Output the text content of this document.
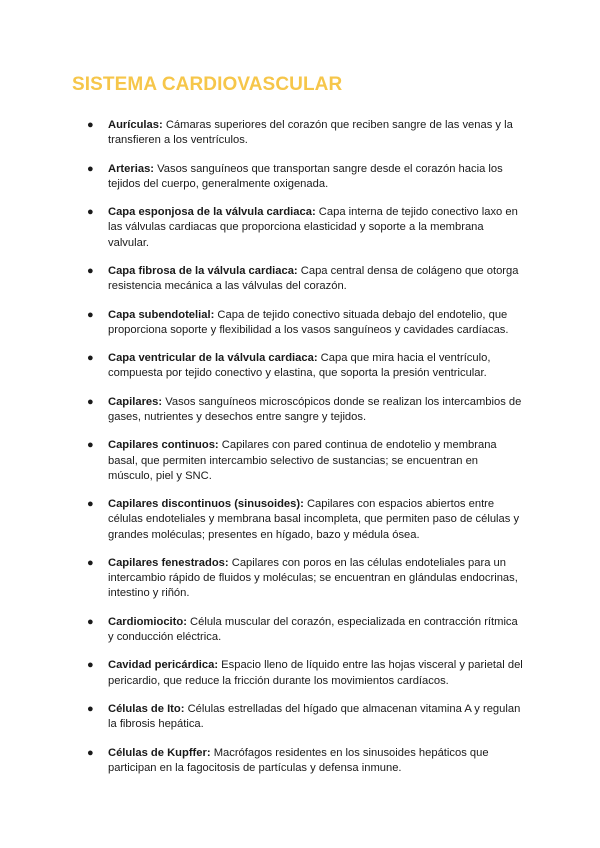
SISTEMA CARDIOVASCULAR
● Aurículas: Cámaras superiores del corazón que reciben sangre de las venas y la transfieren a los ventrículos.
● Arterias: Vasos sanguíneos que transportan sangre desde el corazón hacia los tejidos del cuerpo, generalmente oxigenada.
● Capa esponjosa de la válvula cardiaca: Capa interna de tejido conectivo laxo en las válvulas cardiacas que proporciona elasticidad y soporte a la membrana valvular.
● Capa fibrosa de la válvula cardiaca: Capa central densa de colágeno que otorga resistencia mecánica a las válvulas del corazón.
● Capa subendotelial: Capa de tejido conectivo situada debajo del endotelio, que proporciona soporte y flexibilidad a los vasos sanguíneos y cavidades cardíacas.
● Capa ventricular de la válvula cardiaca: Capa que mira hacia el ventrículo, compuesta por tejido conectivo y elastina, que soporta la presión ventricular.
● Capilares: Vasos sanguíneos microscópicos donde se realizan los intercambios de gases, nutrientes y desechos entre sangre y tejidos.
● Capilares continuos: Capilares con pared continua de endotelio y membrana basal, que permiten intercambio selectivo de sustancias; se encuentran en músculo, piel y SNC.
● Capilares discontinuos (sinusoides): Capilares con espacios abiertos entre células endoteliales y membrana basal incompleta, que permiten paso de células y grandes moléculas; presentes en hígado, bazo y médula ósea.
● Capilares fenestrados: Capilares con poros en las células endoteliales para un intercambio rápido de fluidos y moléculas; se encuentran en glándulas endocrinas, intestino y riñón.
● Cardiomiocito: Célula muscular del corazón, especializada en contracción rítmica y conducción eléctrica.
● Cavidad pericárdica: Espacio lleno de líquido entre las hojas visceral y parietal del pericardio, que reduce la fricción durante los movimientos cardíacos.
● Células de Ito: Células estrelladas del hígado que almacenan vitamina A y regulan la fibrosis hepática.
● Células de Kupffer: Macrófagos residentes en los sinusoides hepáticos que participan en la fagocitosis de partículas y defensa inmune.
